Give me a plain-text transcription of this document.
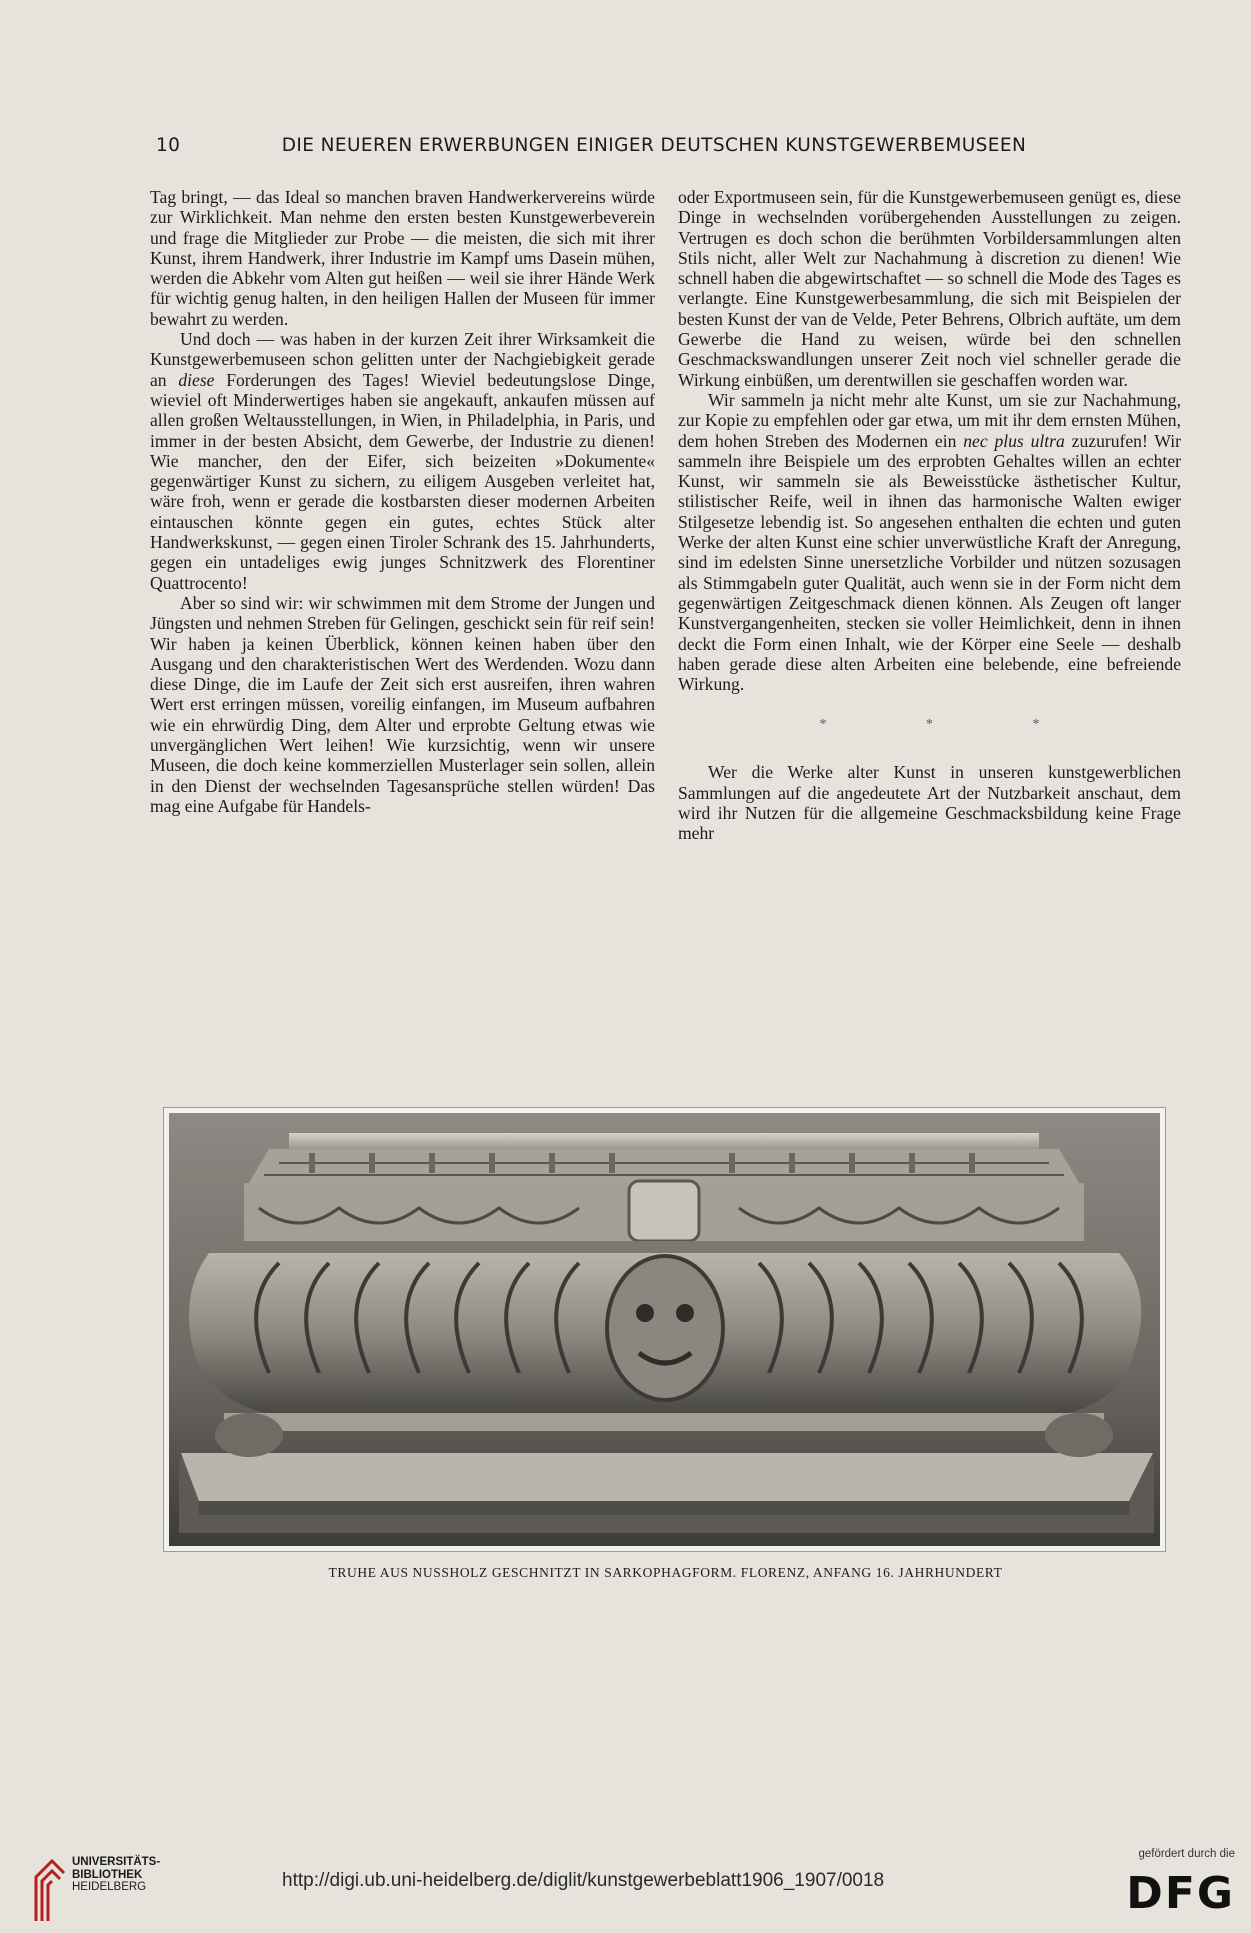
10	DIE NEUEREN ERWERBUNGEN EINIGER DEUTSCHEN KUNSTGEWERBEMUSEEN

Tag bringt, — das Ideal so manchen braven Handwerkervereins würde zur Wirklichkeit. Man nehme den ersten besten Kunstgewerbeverein und frage die Mitglieder zur Probe — die meisten, die sich mit ihrer Kunst, ihrem Handwerk, ihrer Industrie im Kampf ums Dasein mühen, werden die Abkehr vom Alten gut heißen — weil sie ihrer Hände Werk für wichtig genug halten, in den heiligen Hallen der Museen für immer bewahrt zu werden.

Und doch — was haben in der kurzen Zeit ihrer Wirksamkeit die Kunstgewerbemuseen schon gelitten unter der Nachgiebigkeit gerade an diese Forderungen des Tages! Wieviel bedeutungslose Dinge, wieviel oft Minderwertiges haben sie angekauft, ankaufen müssen auf allen großen Weltausstellungen, in Wien, in Philadelphia, in Paris, und immer in der besten Absicht, dem Gewerbe, der Industrie zu dienen! Wie mancher, den der Eifer, sich beizeiten »Dokumente« gegenwärtiger Kunst zu sichern, zu eiligem Ausgeben verleitet hat, wäre froh, wenn er gerade die kostbarsten dieser modernen Arbeiten eintauschen könnte gegen ein gutes, echtes Stück alter Handwerkskunst, — gegen einen Tiroler Schrank des 15. Jahrhunderts, gegen ein untadeliges ewig junges Schnitzwerk des Florentiner Quattrocento!

Aber so sind wir: wir schwimmen mit dem Strome der Jungen und Jüngsten und nehmen Streben für Gelingen, geschickt sein für reif sein! Wir haben ja keinen Überblick, können keinen haben über den Ausgang und den charakteristischen Wert des Werdenden. Wozu dann diese Dinge, die im Laufe der Zeit sich erst ausreifen, ihren wahren Wert erst erringen müssen, voreilig einfangen, im Museum aufbahren wie ein ehrwürdig Ding, dem Alter und erprobte Geltung etwas wie unvergänglichen Wert leihen! Wie kurzsichtig, wenn wir unsere Museen, die doch keine kommerziellen Musterlager sein sollen, allein in den Dienst der wechselnden Tagesansprüche stellen würden! Das mag eine Aufgabe für Handels-

oder Exportmuseen sein, für die Kunstgewerbemuseen genügt es, diese Dinge in wechselnden vorübergehenden Ausstellungen zu zeigen. Vertrugen es doch schon die berühmten Vorbildersammlungen alten Stils nicht, aller Welt zur Nachahmung à discretion zu dienen! Wie schnell haben die abgewirtschaftet — so schnell die Mode des Tages es verlangte. Eine Kunstgewerbesammlung, die sich mit Beispielen der besten Kunst der van de Velde, Peter Behrens, Olbrich auftäte, um dem Gewerbe die Hand zu weisen, würde bei den schnellen Geschmackswandlungen unserer Zeit noch viel schneller gerade die Wirkung einbüßen, um derentwillen sie geschaffen worden war.

Wir sammeln ja nicht mehr alte Kunst, um sie zur Nachahmung, zur Kopie zu empfehlen oder gar etwa, um mit ihr dem ernsten Mühen, dem hohen Streben des Modernen ein nec plus ultra zuzurufen! Wir sammeln ihre Beispiele um des erprobten Gehaltes willen an echter Kunst, wir sammeln sie als Beweisstücke ästhetischer Kultur, stilistischer Reife, weil in ihnen das harmonische Walten ewiger Stilgesetze lebendig ist. So angesehen enthalten die echten und guten Werke der alten Kunst eine schier unverwüstliche Kraft der Anregung, sind im edelsten Sinne unersetzliche Vorbilder und nützen sozusagen als Stimmgabeln guter Qualität, auch wenn sie in der Form nicht dem gegenwärtigen Zeitgeschmack dienen können. Als Zeugen oft langer Kunstvergangenheiten, stecken sie voller Heimlichkeit, denn in ihnen deckt die Form einen Inhalt, wie der Körper eine Seele — deshalb haben gerade diese alten Arbeiten eine belebende, eine befreiende Wirkung.

* * *

Wer die Werke alter Kunst in unseren kunstgewerblichen Sammlungen auf die angedeutete Art der Nutzbarkeit anschaut, dem wird ihr Nutzen für die allgemeine Geschmacksbildung keine Frage mehr

TRUHE AUS NUSSHOLZ GESCHNITZT IN SARKOPHAGFORM. FLORENZ, ANFANG 16. JAHRHUNDERT
UNIVERSITÄTS-
BIBLIOTHEK
HEIDELBERG	http://digi.ub.uni-heidelberg.de/diglit/kunstgewerbeblatt1906_1907/0018
gefördert durch die
DFG
